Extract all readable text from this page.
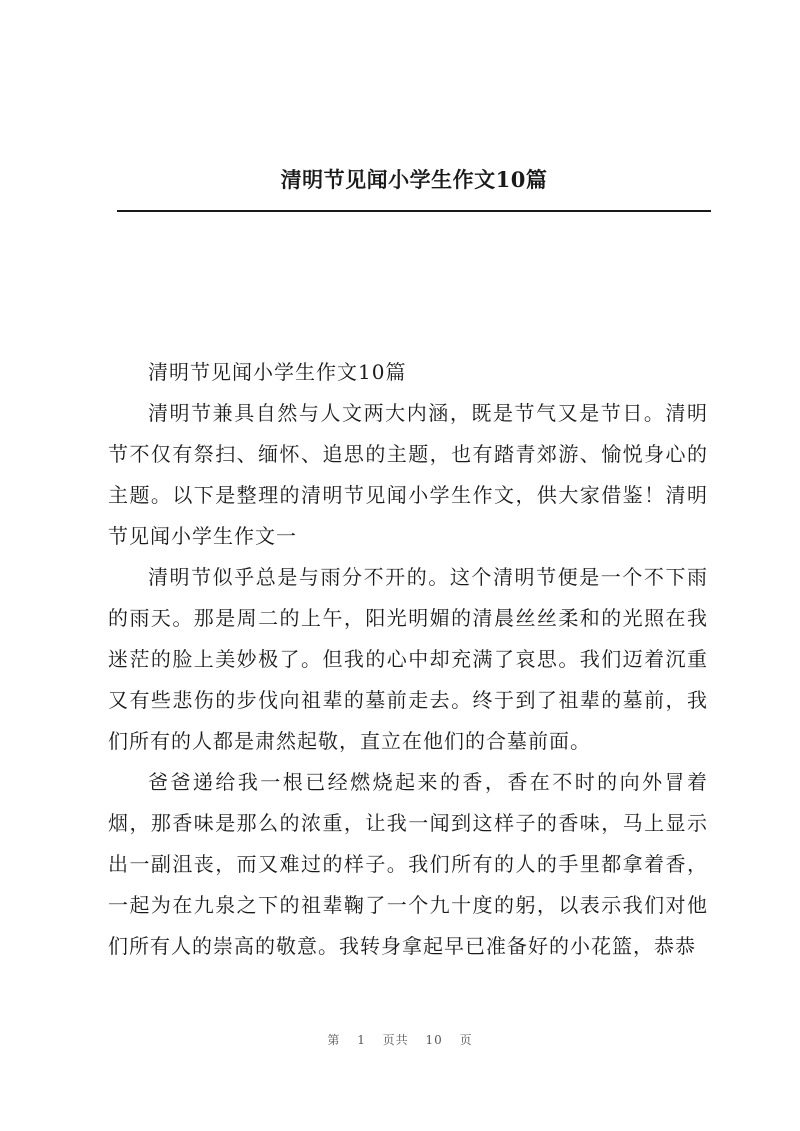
清明节见闻小学生作文10篇

清明节见闻小学生作文10篇

清明节兼具自然与人文两大内涵，既是节气又是节日。清明节不仅有祭扫、缅怀、追思的主题，也有踏青郊游、愉悦身心的主题。以下是整理的清明节见闻小学生作文，供大家借鉴！清明节见闻小学生作文一

清明节似乎总是与雨分不开的。这个清明节便是一个不下雨的雨天。那是周二的上午，阳光明媚的清晨丝丝柔和的光照在我迷茫的脸上美妙极了。但我的心中却充满了哀思。我们迈着沉重又有些悲伤的步伐向祖辈的墓前走去。终于到了祖辈的墓前，我们所有的人都是肃然起敬，直立在他们的合墓前面。

爸爸递给我一根已经燃烧起来的香，香在不时的向外冒着烟，那香味是那么的浓重，让我一闻到这样子的香味，马上显示出一副沮丧，而又难过的样子。我们所有的人的手里都拿着香，一起为在九泉之下的祖辈鞠了一个九十度的躬，以表示我们对他们所有人的崇高的敬意。我转身拿起早已准备好的小花篮，恭恭

第 1 页共 10 页
